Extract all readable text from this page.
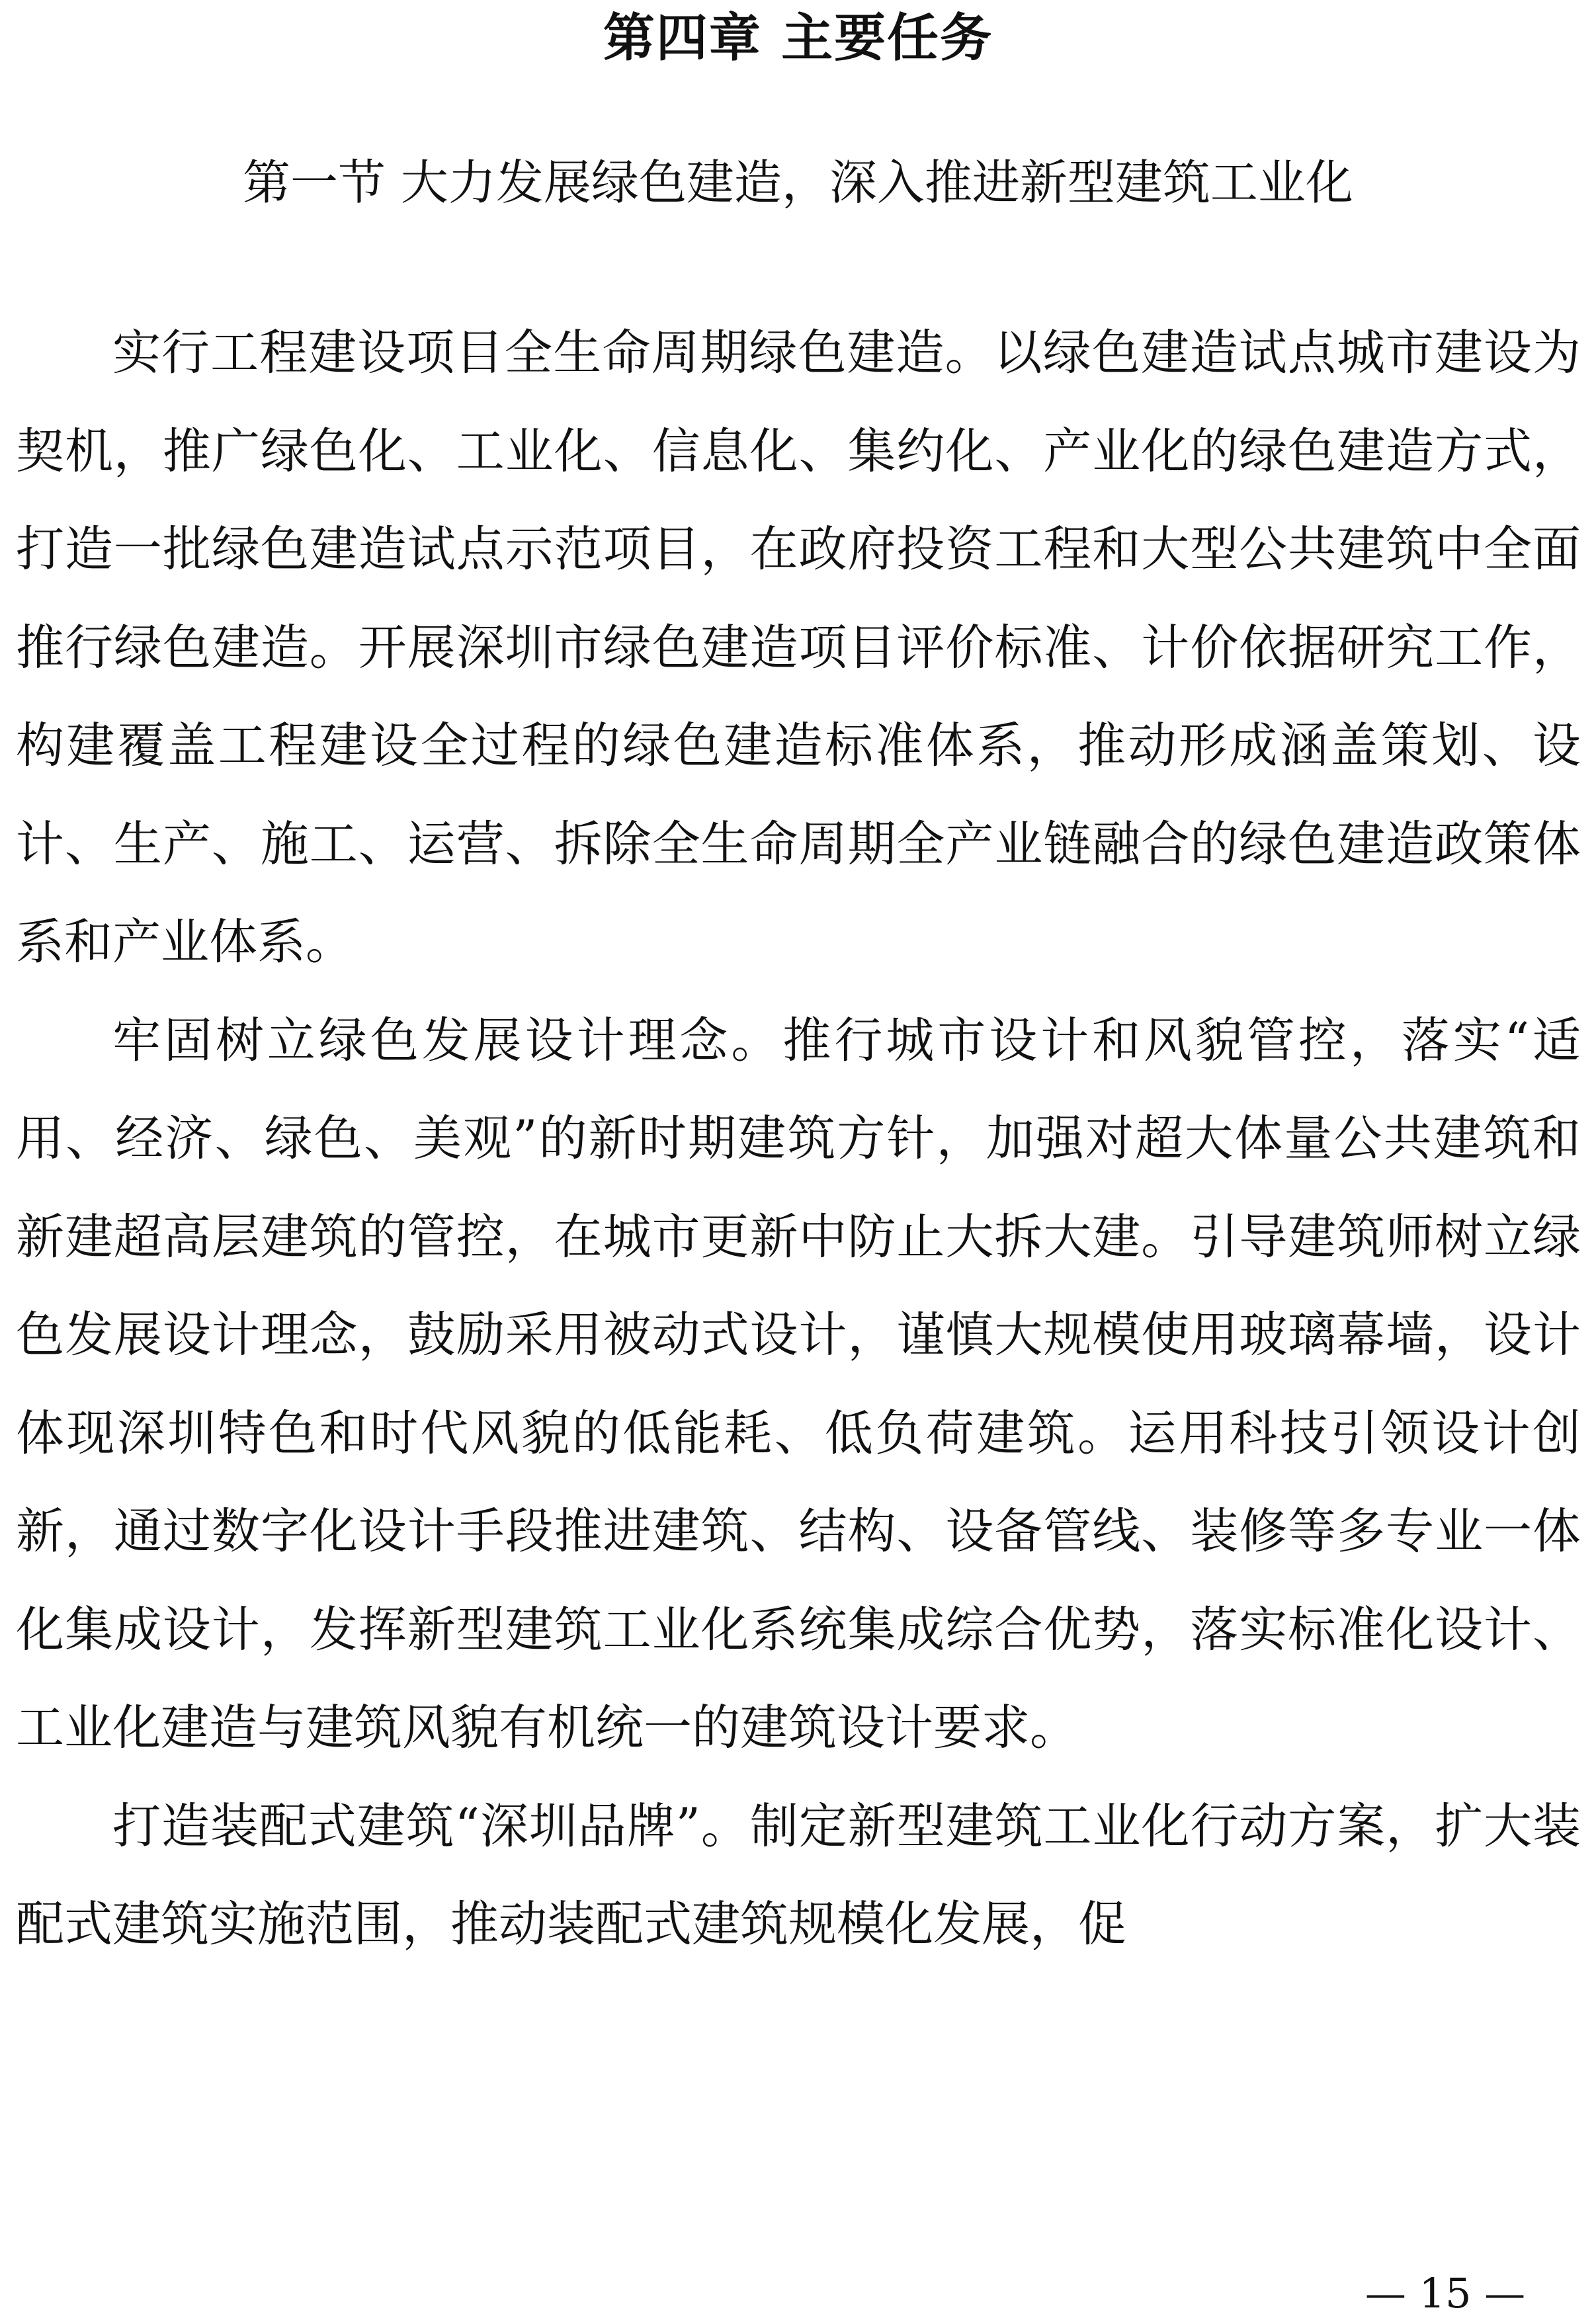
第四章 主要任务
第一节 大力发展绿色建造，深入推进新型建筑工业化

实行工程建设项目全生命周期绿色建造。以绿色建造试点城市建设为契机，推广绿色化、工业化、信息化、集约化、产业化的绿色建造方式，打造一批绿色建造试点示范项目，在政府投资工程和大型公共建筑中全面推行绿色建造。开展深圳市绿色建造项目评价标准、计价依据研究工作，构建覆盖工程建设全过程的绿色建造标准体系，推动形成涵盖策划、设计、生产、施工、运营、拆除全生命周期全产业链融合的绿色建造政策体系和产业体系。

牢固树立绿色发展设计理念。推行城市设计和风貌管控，落实“适用、经济、绿色、美观”的新时期建筑方针，加强对超大体量公共建筑和新建超高层建筑的管控，在城市更新中防止大拆大建。引导建筑师树立绿色发展设计理念，鼓励采用被动式设计，谨慎大规模使用玻璃幕墙，设计体现深圳特色和时代风貌的低能耗、低负荷建筑。运用科技引领设计创新，通过数字化设计手段推进建筑、结构、设备管线、装修等多专业一体化集成设计，发挥新型建筑工业化系统集成综合优势，落实标准化设计、工业化建造与建筑风貌有机统一的建筑设计要求。

打造装配式建筑“深圳品牌”。制定新型建筑工业化行动方案，扩大装配式建筑实施范围，推动装配式建筑规模化发展，促

— 15 —
